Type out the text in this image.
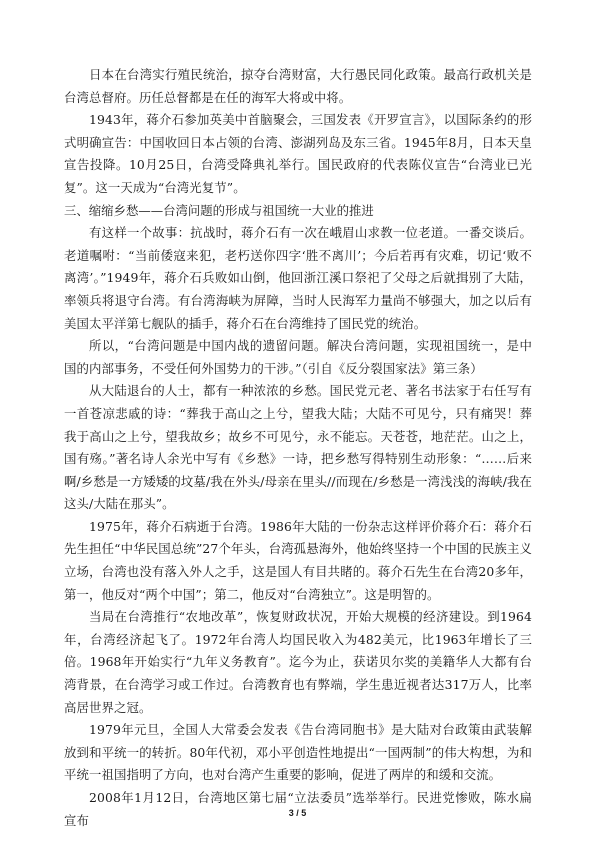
日本在台湾实行殖民统治，掠夺台湾财富，大行愚民同化政策。最高行政机关是台湾总督府。历任总督都是在任的海军大将或中将。

1943年，蒋介石参加英美中首脑聚会，三国发表《开罗宣言》，以国际条约的形式明确宣告：中国收回日本占领的台湾、澎湖列岛及东三省。1945年8月，日本天皇宣告投降。10月25日，台湾受降典礼举行。国民政府的代表陈仪宣告“台湾业已光复”。这一天成为“台湾光复节”。

三、缩缩乡愁——台湾问题的形成与祖国统一大业的推进

有这样一个故事：抗战时，蒋介石有一次在峨眉山求教一位老道。一番交谈后。老道嘱咐：“当前倭寇来犯，老朽送你四字‘胜不离川’；今后若再有灾难，切记‘败不离湾’。”1949年，蒋介石兵败如山倒，他回浙江溪口祭祀了父母之后就揖别了大陆，率领兵将退守台湾。有台湾海峡为屏障，当时人民海军力量尚不够强大，加之以后有美国太平洋第七舰队的插手，蒋介石在台湾维持了国民党的统治。

所以，“台湾问题是中国内战的遗留问题。解决台湾问题，实现祖国统一，是中国的内部事务，不受任何外国势力的干涉。”（引自《反分裂国家法》第三条）

从大陆退台的人士，都有一种浓浓的乡愁。国民党元老、著名书法家于右任写有一首苍凉悲戚的诗：“葬我于高山之上兮，望我大陆；大陆不可见兮，只有痛哭！葬我于高山之上兮，望我故乡；故乡不可见兮，永不能忘。天苍苍，地茫茫。山之上，国有殇。”著名诗人余光中写有《乡愁》一诗，把乡愁写得特别生动形象：“……后来啊/乡愁是一方矮矮的坟墓/我在外头/母亲在里头//而现在/乡愁是一湾浅浅的海峡/我在这头/大陆在那头”。

1975年，蒋介石病逝于台湾。1986年大陆的一份杂志这样评价蒋介石：蒋介石先生担任“中华民国总统”27个年头，台湾孤悬海外，他始终坚持一个中国的民族主义立场，台湾也没有落入外人之手，这是国人有目共睹的。蒋介石先生在台湾20多年，第一，他反对“两个中国”；第二，他反对“台湾独立”。这是明智的。

当局在台湾推行“农地改革”，恢复财政状况，开始大规模的经济建设。到1964年，台湾经济起飞了。1972年台湾人均国民收入为482美元，比1963年增长了三倍。1968年开始实行“九年义务教育”。迄今为止，获诺贝尔奖的美籍华人大都有台湾背景，在台湾学习或工作过。台湾教育也有弊端，学生患近视者达317万人，比率高居世界之冠。

1979年元旦，全国人大常委会发表《告台湾同胞书》是大陆对台政策由武装解放到和平统一的转折。80年代初，邓小平创造性地提出“一国两制”的伟大构想，为和平统一祖国指明了方向，也对台湾产生重要的影响，促进了两岸的和缓和交流。

2008年1月12日，台湾地区第七届“立法委员”选举举行。民进党惨败，陈水扁宣布	3 / 5
